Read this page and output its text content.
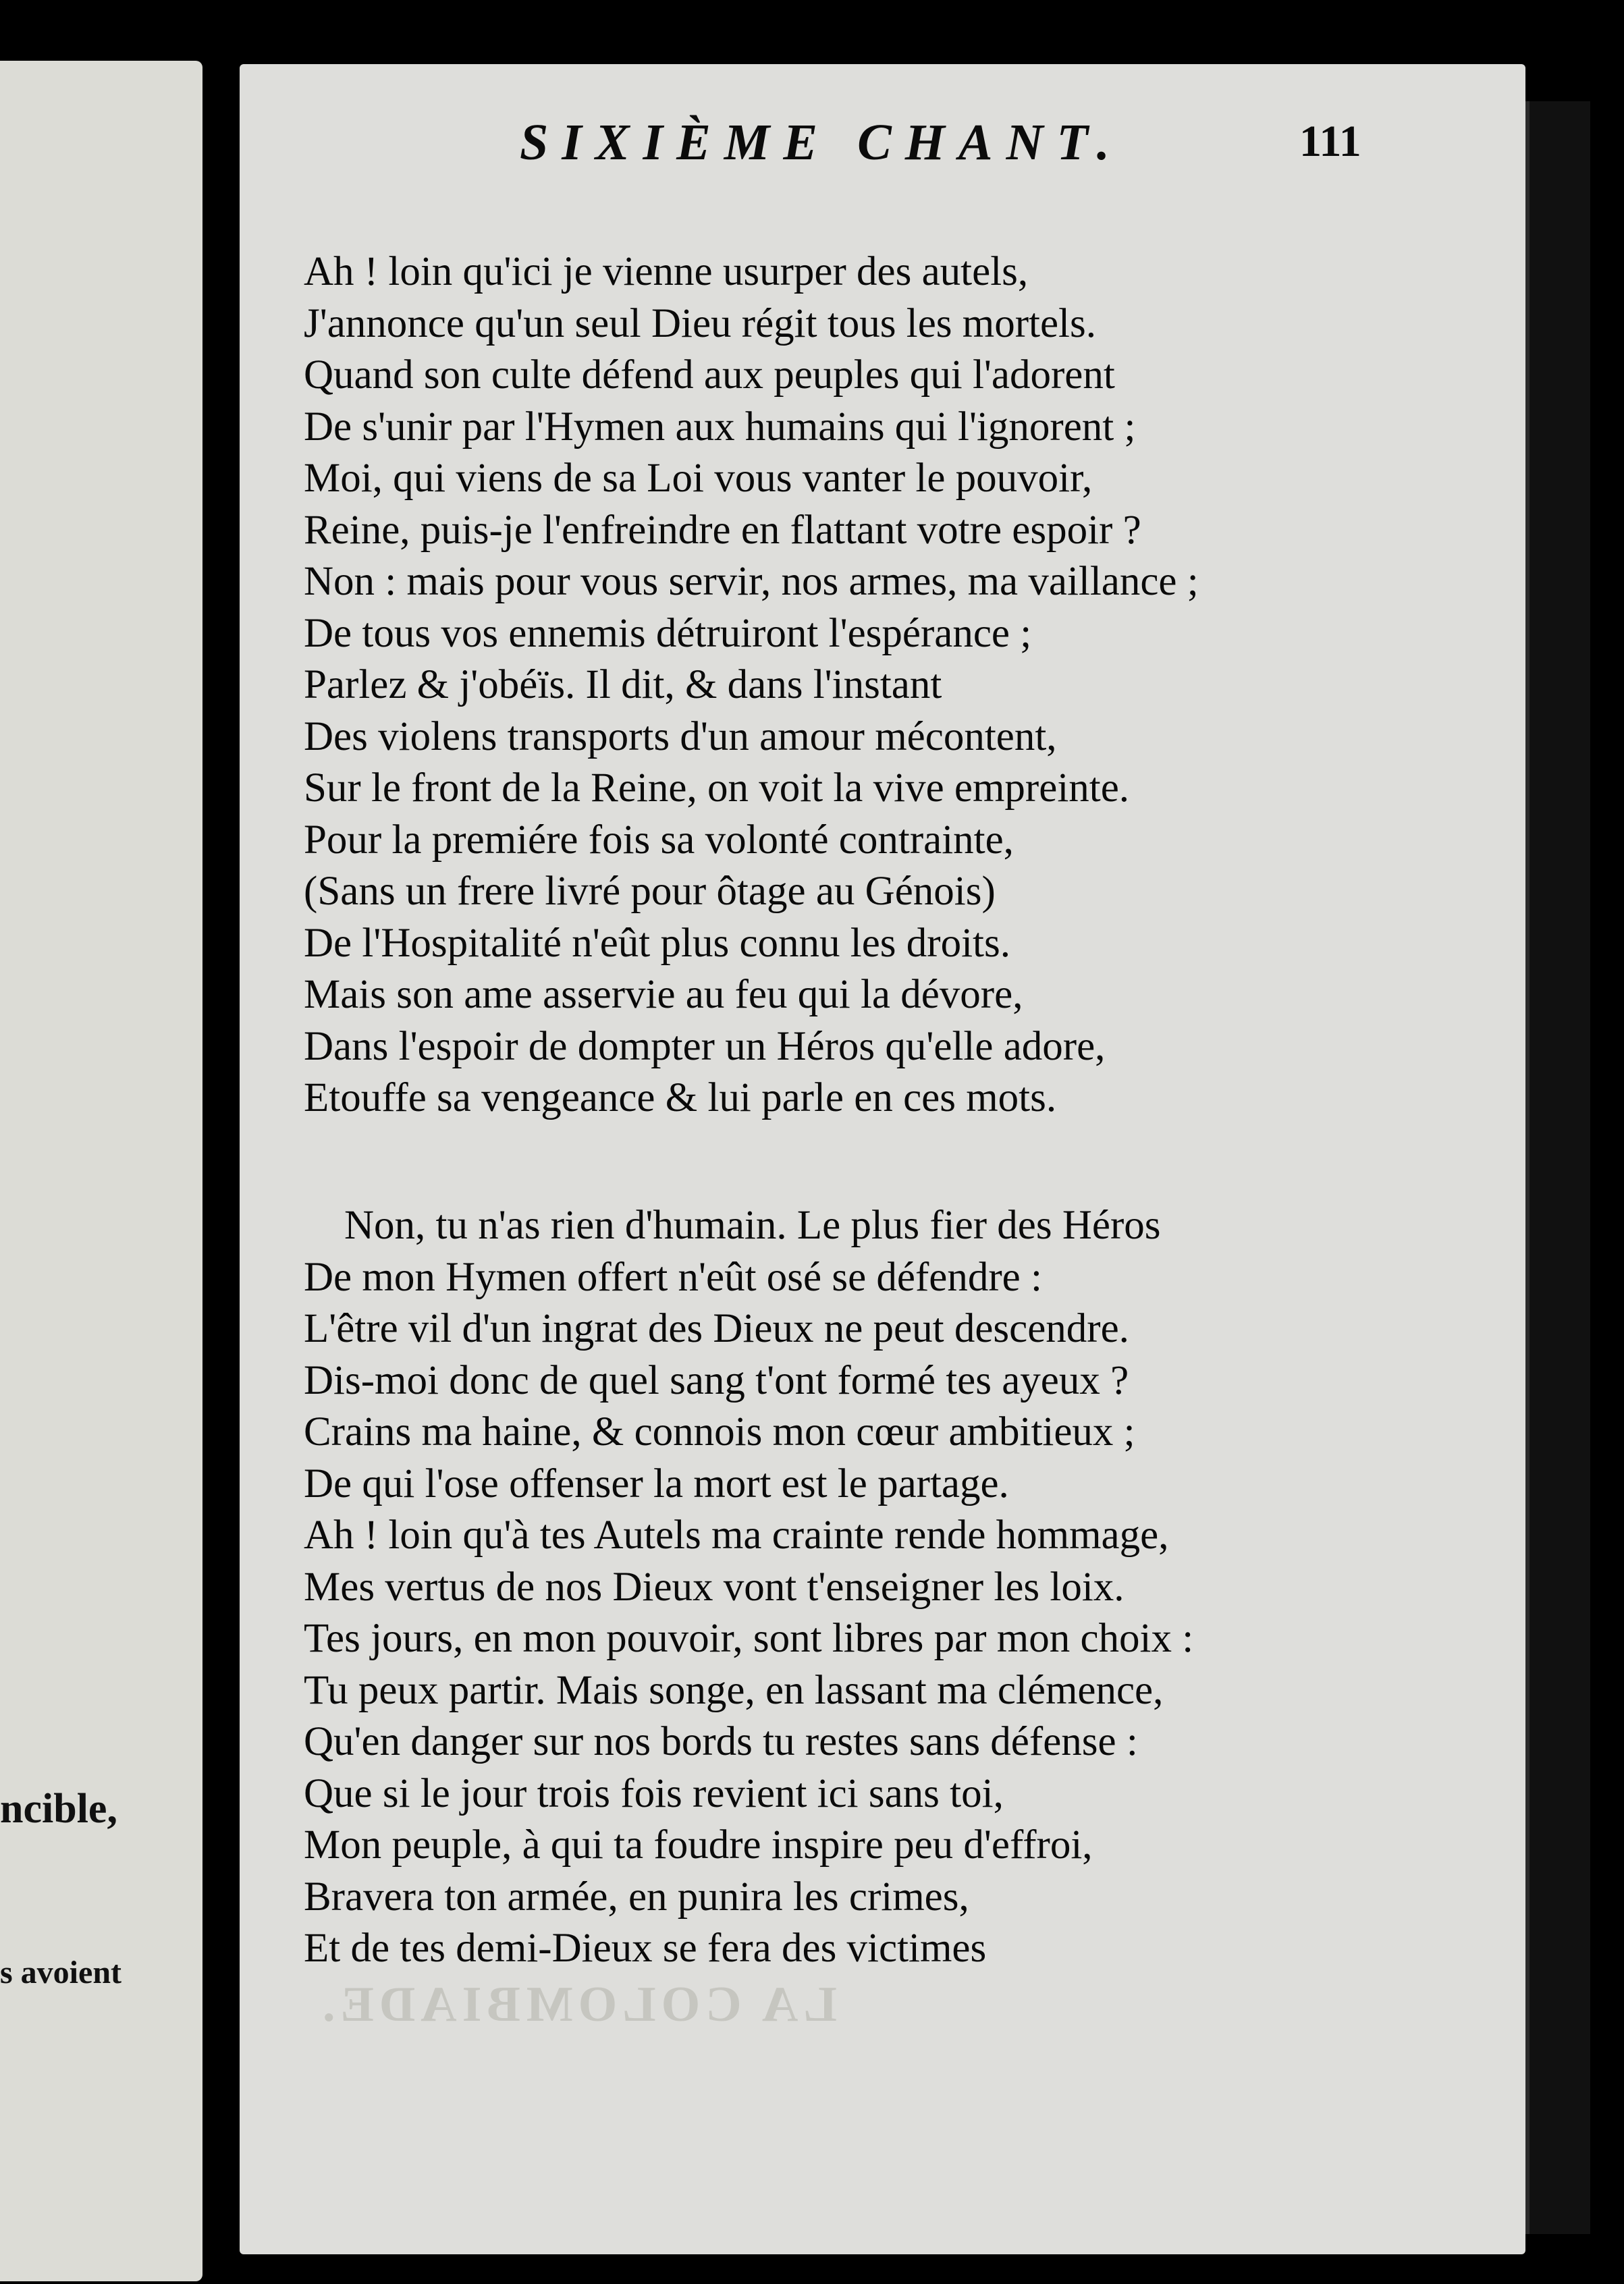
ncible,
s avoient
SIXIÈME CHANT.	111
Ah ! loin qu'ici je vienne usurper des autels,
J'annonce qu'un seul Dieu régit tous les mortels.
Quand son culte défend aux peuples qui l'adorent
De s'unir par l'Hymen aux humains qui l'ignorent ;
Moi, qui viens de sa Loi vous vanter le pouvoir,
Reine, puis-je l'enfreindre en flattant votre espoir ?
Non : mais pour vous servir, nos armes, ma vaillance ;
De tous vos ennemis détruiront l'espérance ;
Parlez & j'obéïs. Il dit, & dans l'instant
Des violens transports d'un amour mécontent,
Sur le front de la Reine, on voit la vive empreinte.
Pour la premiére fois sa volonté contrainte,
(Sans un frere livré pour ôtage au Génois)
De l'Hospitalité n'eût plus connu les droits.
Mais son ame asservie au feu qui la dévore,
Dans l'espoir de dompter un Héros qu'elle adore,
Etouffe sa vengeance & lui parle en ces mots.
Non, tu n'as rien d'humain. Le plus fier des Héros
De mon Hymen offert n'eût osé se défendre :
L'être vil d'un ingrat des Dieux ne peut descendre.
Dis-moi donc de quel sang t'ont formé tes ayeux ?
Crains ma haine, & connois mon cœur ambitieux ;
De qui l'ose offenser la mort est le partage.
Ah ! loin qu'à tes Autels ma crainte rende hommage,
Mes vertus de nos Dieux vont t'enseigner les loix.
Tes jours, en mon pouvoir, sont libres par mon choix :
Tu peux partir. Mais songe, en lassant ma clémence,
Qu'en danger sur nos bords tu restes sans défense :
Que si le jour trois fois revient ici sans toi,
Mon peuple, à qui ta foudre inspire peu d'effroi,
Bravera ton armée, en punira les crimes,
Et de tes demi-Dieux se fera des victimes
LA COLOMBIADE.
